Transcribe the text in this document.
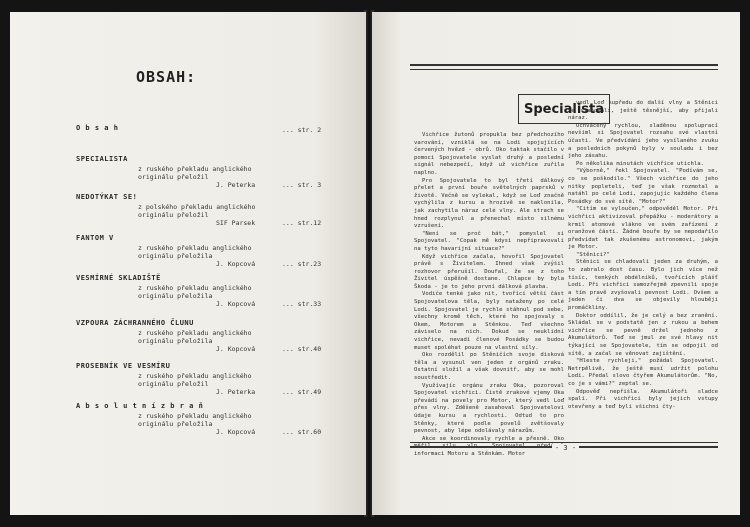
OBSAH:
O b s a h	... str. 2
SPECIALISTA
z ruského překladu anglického
originálu přeložil
J. Peterka	... str. 3
NEDOTÝKAT SE!
z polského překladu anglického
originálu přeložil
SIF Parsek	... str.12
FANTOM V
z ruského překladu anglického
originálu přeložila
J. Kopcová	... str.23
VESMÍRNÉ SKLADIŠTĚ
z ruského překladu anglického
originálu přeložila
J. Kopcová	... str.33
VZPOURA ZÁCHRANNÉHO ČLUNU
z ruského překladu anglického
originálu přeložila
J. Kopcová	... str.40
PROSEBNÍK VE VESMÍRU
z ruského překladu anglického
originálu přeložil
J. Peterka	... str.49
A b s o l u t n í z b r a ň
z ruského překladu anglického
originálu přeložila
J. Kopcová	... str.60
Specialista

Vichřice žutonů propukla bez předchozího varování, vzniklá se na Lodi spojujících červených hvězd - obrů. Oko taktak stačilo v pomoci Spojovatele vyslat druhý a poslední signál nebezpečí, když už vichřice zuřila naplno.

Pro Spojovatele to byl třetí dálkový přelet a první bouře světelných paprsků v životě. Večně se vylekal, když se Loď značně vychýlila z kursu a hrozivě se naklonila, jak zachytila náraz celé vlny. Ale strach se hned rozplynul a přenechal místo silnému vzrušení.

"Není se proč bát," pomyslel si Spojovatel. "Copak mě kdysi nepřipravovali na tyto havarijní situace?"

Když vichřice začala, hovořil Spojovatel právě s Živitelem. Ihned však zvýšil rozhovor přerušil. Doufal, že se z toho Živitel úspěšně dostane. Chlapce by byla Škoda - je to jeho první dálková plavba.

Vodiče tenké jako nit, tvořící větší část Spojovatelova těla, byly nataženy po celé Lodi. Spojovatel je rychle stáhnul pod sebe, všechny kromě těch, které ho spojovaly s Okem, Motorem a Stěnkou. Teď všechno záviselo na nich. Dokud se neuklidní vichřice, nevadí členové Posádky se budou muset spoléhat pouze na vlastní síly.

Oko rozdělil po Stěničích svoje disková těla a vysunul ven jeden z orgánů zraku. Ostatní složil a však dovnitř, aby se mohl soustředit.

Využívajíc orgánu zraku Oka, pozoroval Spojovatel vichřici. Čistě zrakové vjemy Oka převádí na povely pro Motor, který vedl Loď přes vlny. Zděšeně zasahoval Spojovatelovi údaje kursu a rychlosti. Odtud to pro Stěnky, které podle povelů zvětšovaly pevnost, aby lépe odolávaly nárazům.

Akce se koordinovaly rychle a přesně. Oko informaci Motoru a Stěnkám. Motor

vedl Loď kupředu do další vlny a Stěnici se stahovali, ještě těsnější, aby přijali náraz.

Uchvácený rychlou, sladěnou spoluprací nevšiml si Spojovatel rozsahu své vlastní účasti. Ve předvídání jeho vysílaného zvuku a posledních pokynů byly v souladu i bez jeho zásahu.

Po několika minutách vichřice utichla.

"Výborně," řekl Spojovatel. "Podívám se, co se poškodilo." Všech vichřice do jeho nitky popleteli, teď je však rozmotal a natáhl po celé Lodi, zapojujíc každého člena Posádky do své sítě. "Motor?"

"Citím se vyloučen," odpověděl Motor. Při vichřici aktivizoval přepážku - moderátory a krmil atomové vlákno ve svém zařízení z oranžové části. Žádné bouře by se nepodařilo předvídat tak zkušenému astronomovi, jakým je Motor.

"Stěnici?"

Stěnici se chladovali jeden za druhým, a to zabralo dost času. Bylo jich více než tisíc, tenkých obdélníků, tvořících plášť Lodi. Při vichřici samozřejmě zpevnili spoje a tím pravě zvyšovali pevnost Lodi. Ovšem a jeden či dva se objevily hlouběji promáčkliny.

Doktor oddílil, že je celý a bez zranění. Skládal se v podstatě jen z rukou a behem vichřice se pevně držel jednoho z Akumulátorů. Teď se jmul ze své hlavy nit týkající se Spojovatele, tím se odpojil od sítě, a začal se věnovat zajištění.

"Hleste rychleji," požádal Spojovatel. Netrpělivě, že ještě musí udržit polohu Lodi. Předal slovo čtyřem Akumulátorům. "No, co je s vámi?" zeptal se.

Odpověď nepřišla. Akumulátoři sladce spali. Při vichřici byly jejich vstupy otevřeny a teď byli všichni čty-

- 3 -
